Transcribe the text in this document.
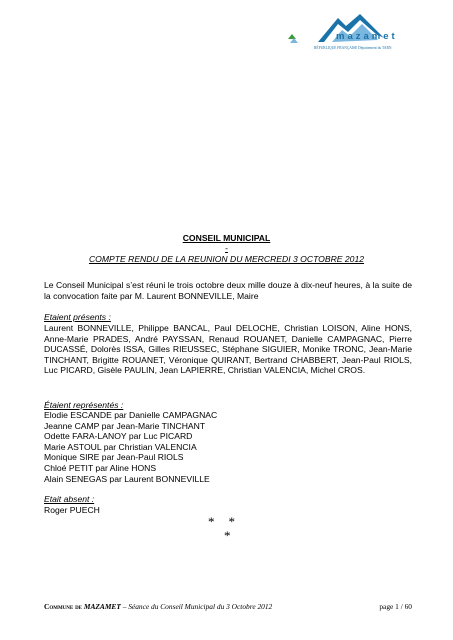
mazamet
RÉPUBLIQUE FRANÇAISE Département du TARN
CONSEIL MUNICIPAL
-
COMPTE RENDU DE LA REUNION DU MERCREDI 3 OCTOBRE 2012
Le Conseil Municipal s’est réuni le trois octobre deux mille douze à dix-neuf heures, à la suite de la convocation faite par M. Laurent BONNEVILLE, Maire
Etaient présents :
Laurent BONNEVILLE, Philippe BANCAL, Paul DELOCHE, Christian LOISON, Aline HONS, Anne-Marie PRADES, André PAYSSAN, Renaud ROUANET, Danielle CAMPAGNAC, Pierre DUCASSÉ, Dolorès ISSA, Gilles RIEUSSEC, Stéphane SIGUIER, Monike TRONC, Jean-Marie TINCHANT, Brigitte ROUANET, Véronique QUIRANT, Bertrand CHABBERT, Jean-Paul RIOLS, Luc PICARD, Gisèle PAULIN, Jean LAPIERRE, Christian VALENCIA, Michel CROS.
Étaient représentés :
Elodie ESCANDE par Danielle CAMPAGNAC
Jeanne CAMP par Jean-Marie TINCHANT
Odette FARA-LANOY par Luc PICARD
Marie ASTOUL par Christian VALENCIA
Monique SIRE par Jean-Paul RIOLS
Chloé PETIT par Aline HONS
Alain SENEGAS par Laurent BONNEVILLE
Etait absent :
Roger PUECH
* *
*
Commune de MAZAMET – Séance du Conseil Municipal du 3 Octobre 2012	page 1 / 60
